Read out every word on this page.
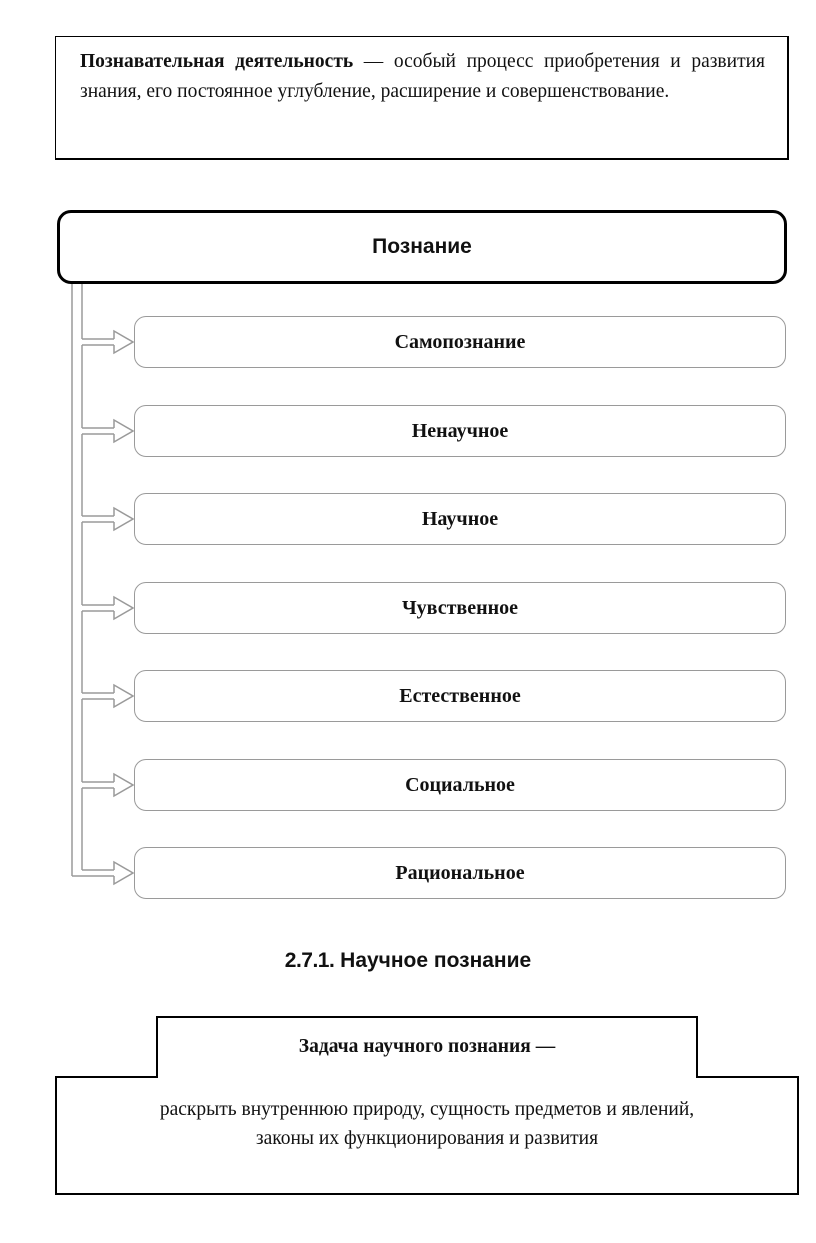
Познавательная деятельность — особый процесс приобретения и развития знания, его постоянное углубление, расширение и совершенствование.
Познание
Самопознание
Ненаучное
Научное
Чувственное
Естественное
Социальное
Рациональное
2.7.1. Научное познание
Задача научного познания —
раскрыть внутреннюю природу, сущность предметов и явлений,
законы их функционирования и развития
